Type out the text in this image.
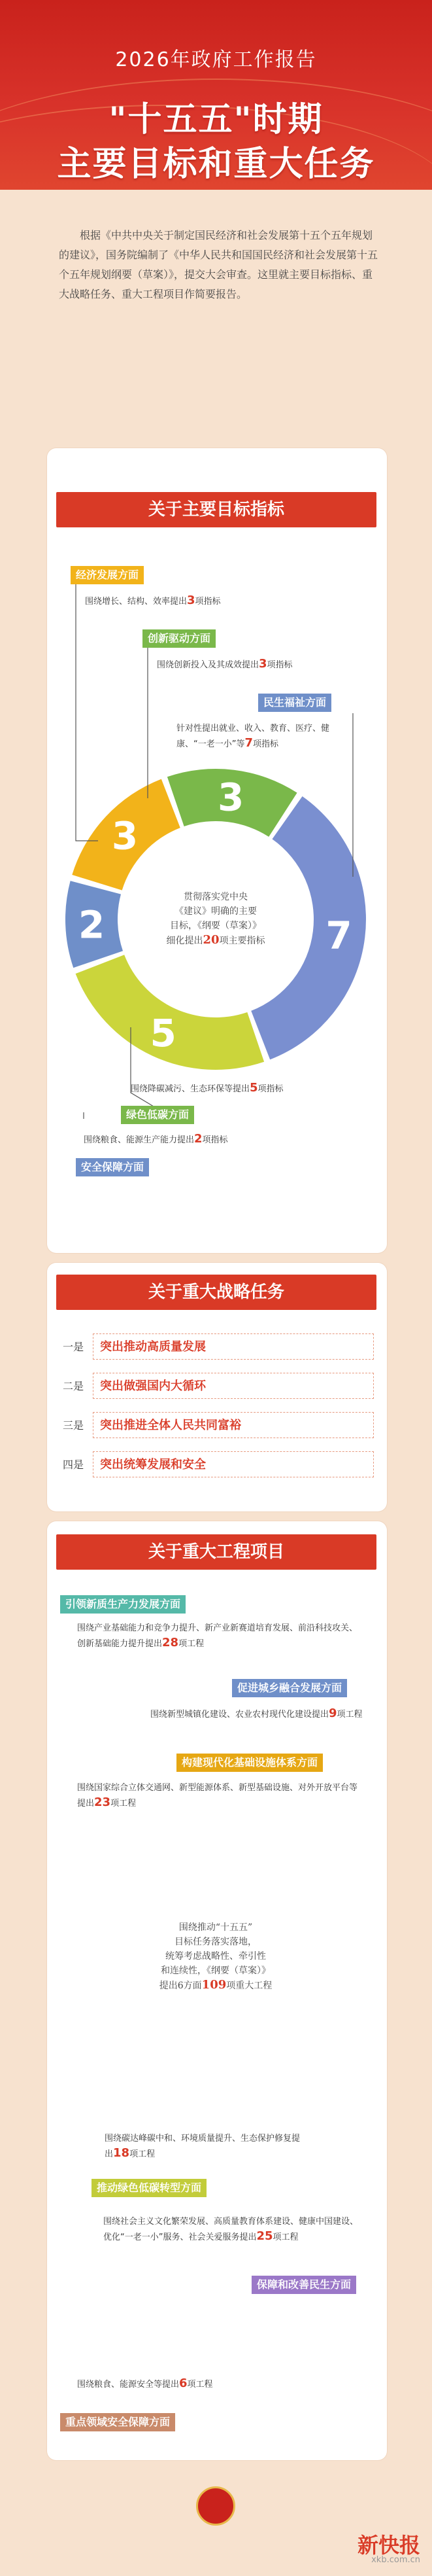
2026年政府工作报告
"十五五"时期
主要目标和重大任务
根据《中共中央关于制定国民经济和社会发展第十五个五年规划的建议》，国务院编制了《中华人民共和国国民经济和社会发展第十五个五年规划纲要（草案）》，提交大会审查。这里就主要目标指标、重大战略任务、重大工程项目作简要报告。
关于主要目标指标
经济发展方面
围绕增长、结构、效率提出3项指标
创新驱动方面
围绕创新投入及其成效提出3项指标
民生福祉方面
针对性提出就业、收入、教育、医疗、健康、“一老一小”等7项指标
3
3
7
5
2
贯彻落实党中央
《建议》明确的主要
目标，《纲要（草案）》
细化提出20项主要指标
围绕降碳减污、生态环保等提出5项指标
绿色低碳方面
围绕粮食、能源生产能力提出2项指标
安全保障方面
关于重大战略任务
一是	突出推动高质量发展
二是	突出做强国内大循环
三是	突出推进全体人民共同富裕
四是	突出统筹发展和安全
关于重大工程项目
引领新质生产力发展方面
围绕产业基础能力和竞争力提升、新产业新赛道培育发展、前沿科技攻关、创新基础能力提升提出28项工程
促进城乡融合发展方面
围绕新型城镇化建设、农业农村现代化建设提出9项工程
构建现代化基础设施体系方面
围绕国家综合立体交通网、新型能源体系、新型基础设施、对外开放平台等提出23项工程
围绕推动“十五五”
目标任务落实落地，
统筹考虑战略性、牵引性
和连续性，《纲要（草案）》
提出6方面109项重大工程
围绕碳达峰碳中和、环境质量提升、生态保护修复提出18项工程
推动绿色低碳转型方面
围绕社会主义文化繁荣发展、高质量教育体系建设、健康中国建设、优化“一老一小”服务、社会关爱服务提出25项工程
保障和改善民生方面
围绕粮食、能源安全等提出6项工程
重点领域安全保障方面
新快报
xkb.com.cn
